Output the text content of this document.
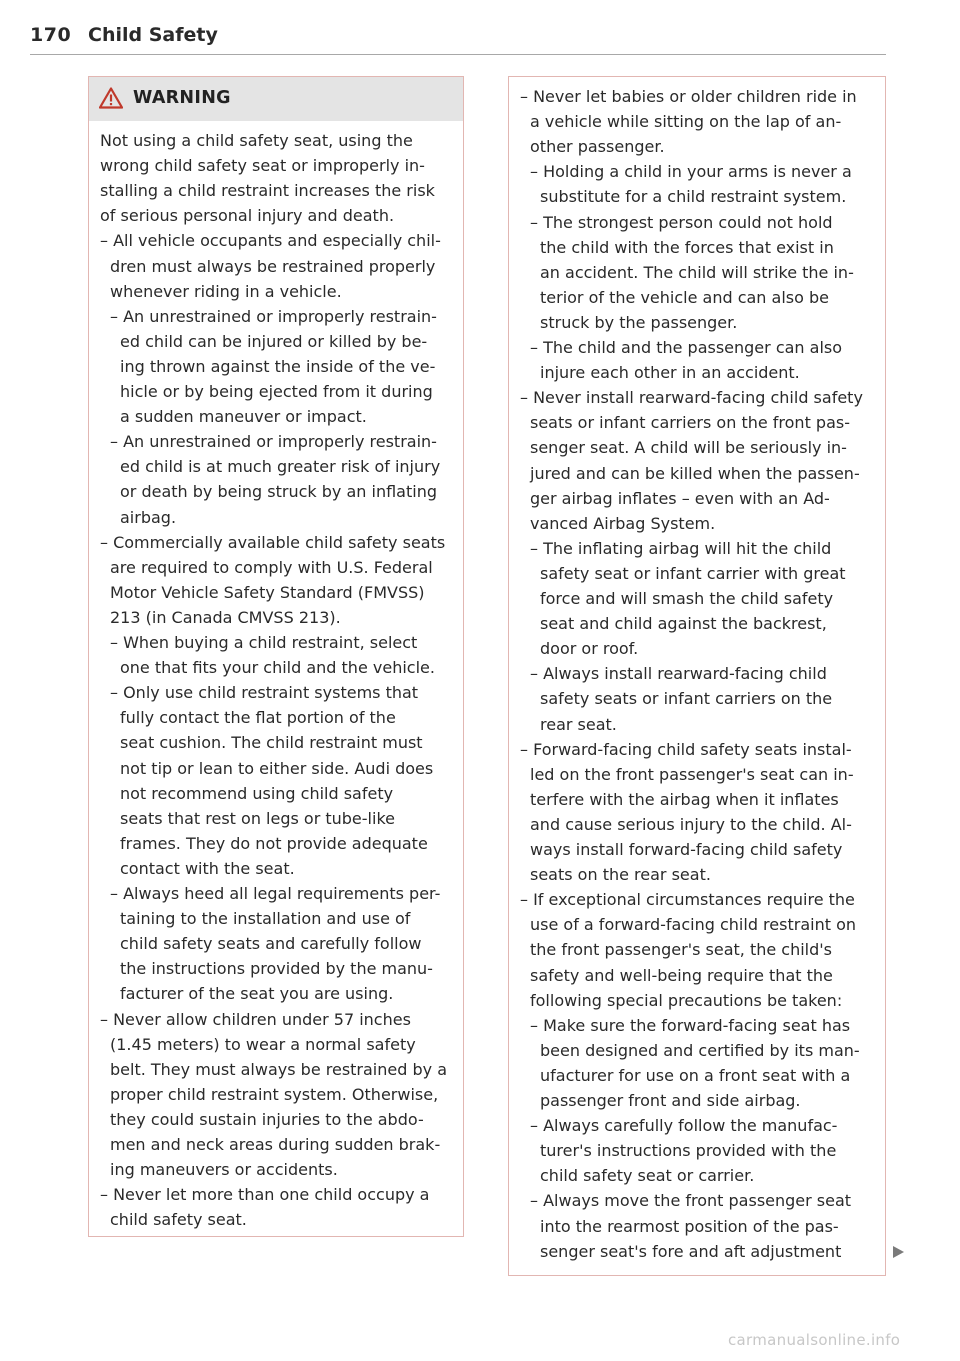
170 Child Safety
WARNING
Not using a child safety seat, using the
wrong child safety seat or improperly in-
stalling a child restraint increases the risk
of serious personal injury and death.
– All vehicle occupants and especially chil-
dren must always be restrained properly
whenever riding in a vehicle.
– An unrestrained or improperly restrain-
ed child can be injured or killed by be-
ing thrown against the inside of the ve-
hicle or by being ejected from it during
a sudden maneuver or impact.
– An unrestrained or improperly restrain-
ed child is at much greater risk of injury
or death by being struck by an inflating
airbag.
– Commercially available child safety seats
are required to comply with U.S. Federal
Motor Vehicle Safety Standard (FMVSS)
213 (in Canada CMVSS 213).
– When buying a child restraint, select
one that fits your child and the vehicle.
– Only use child restraint systems that
fully contact the flat portion of the
seat cushion. The child restraint must
not tip or lean to either side. Audi does
not recommend using child safety
seats that rest on legs or tube-like
frames. They do not provide adequate
contact with the seat.
– Always heed all legal requirements per-
taining to the installation and use of
child safety seats and carefully follow
the instructions provided by the manu-
facturer of the seat you are using.
– Never allow children under 57 inches
(1.45 meters) to wear a normal safety
belt. They must always be restrained by a
proper child restraint system. Otherwise,
they could sustain injuries to the abdo-
men and neck areas during sudden brak-
ing maneuvers or accidents.
– Never let more than one child occupy a
child safety seat.
– Never let babies or older children ride in
a vehicle while sitting on the lap of an-
other passenger.
– Holding a child in your arms is never a
substitute for a child restraint system.
– The strongest person could not hold
the child with the forces that exist in
an accident. The child will strike the in-
terior of the vehicle and can also be
struck by the passenger.
– The child and the passenger can also
injure each other in an accident.
– Never install rearward-facing child safety
seats or infant carriers on the front pas-
senger seat. A child will be seriously in-
jured and can be killed when the passen-
ger airbag inflates – even with an Ad-
vanced Airbag System.
– The inflating airbag will hit the child
safety seat or infant carrier with great
force and will smash the child safety
seat and child against the backrest,
door or roof.
– Always install rearward-facing child
safety seats or infant carriers on the
rear seat.
– Forward-facing child safety seats instal-
led on the front passenger's seat can in-
terfere with the airbag when it inflates
and cause serious injury to the child. Al-
ways install forward-facing child safety
seats on the rear seat.
– If exceptional circumstances require the
use of a forward-facing child restraint on
the front passenger's seat, the child's
safety and well-being require that the
following special precautions be taken:
– Make sure the forward-facing seat has
been designed and certified by its man-
ufacturer for use on a front seat with a
passenger front and side airbag.
– Always carefully follow the manufac-
turer's instructions provided with the
child safety seat or carrier.
– Always move the front passenger seat
into the rearmost position of the pas-
senger seat's fore and aft adjustment
carmanualsonline.info
